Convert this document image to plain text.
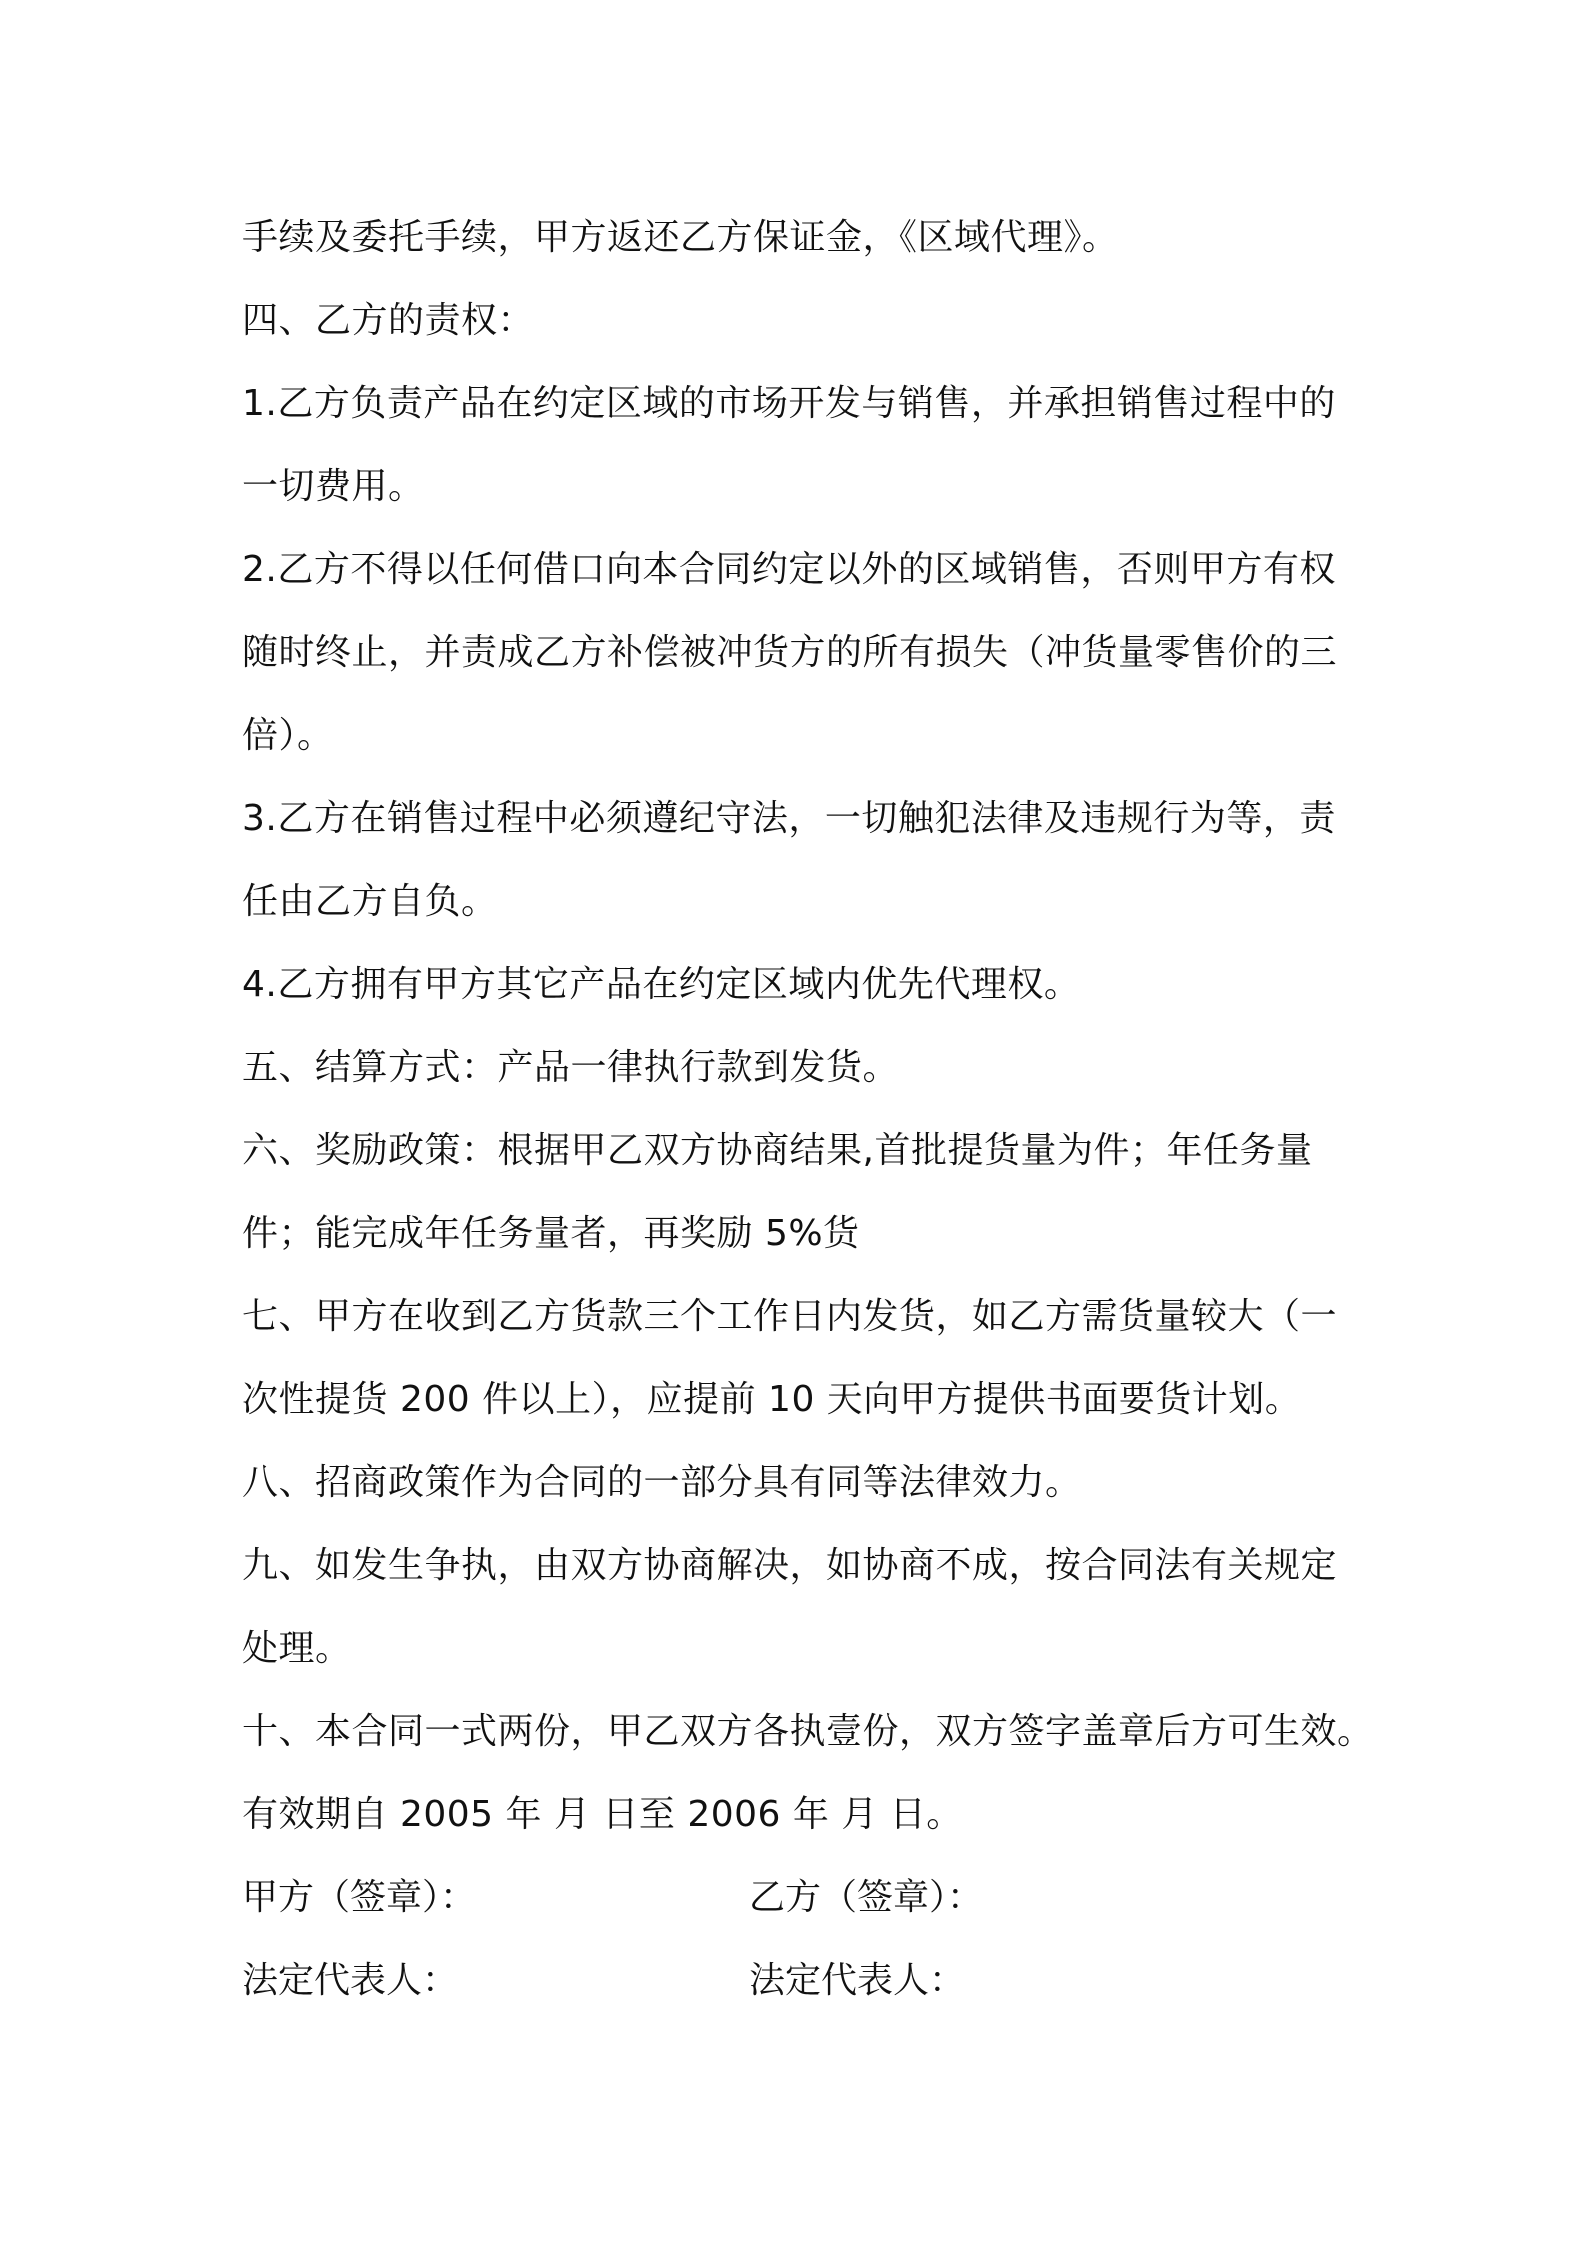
手续及委托手续，甲方返还乙方保证金，《区域代理》。
四、乙方的责权：
1.乙方负责产品在约定区域的市场开发与销售，并承担销售过程中的
一切费用。
2.乙方不得以任何借口向本合同约定以外的区域销售，否则甲方有权
随时终止，并责成乙方补偿被冲货方的所有损失（冲货量零售价的三
倍）。
3.乙方在销售过程中必须遵纪守法，一切触犯法律及违规行为等，责
任由乙方自负。
4.乙方拥有甲方其它产品在约定区域内优先代理权。
五、结算方式：产品一律执行款到发货。
六、奖励政策：根据甲乙双方协商结果,首批提货量为件；年任务量
件；能完成年任务量者，再奖励 5%货
七、甲方在收到乙方货款三个工作日内发货，如乙方需货量较大（一
次性提货 200 件以上），应提前 10 天向甲方提供书面要货计划。
八、招商政策作为合同的一部分具有同等法律效力。
九、如发生争执，由双方协商解决，如协商不成，按合同法有关规定
处理。
十、本合同一式两份，甲乙双方各执壹份，双方签字盖章后方可生效。
有效期自 2005 年 月 日至 2006 年 月 日。
甲方（签章）：	乙方（签章）：
法定代表人：	法定代表人：
